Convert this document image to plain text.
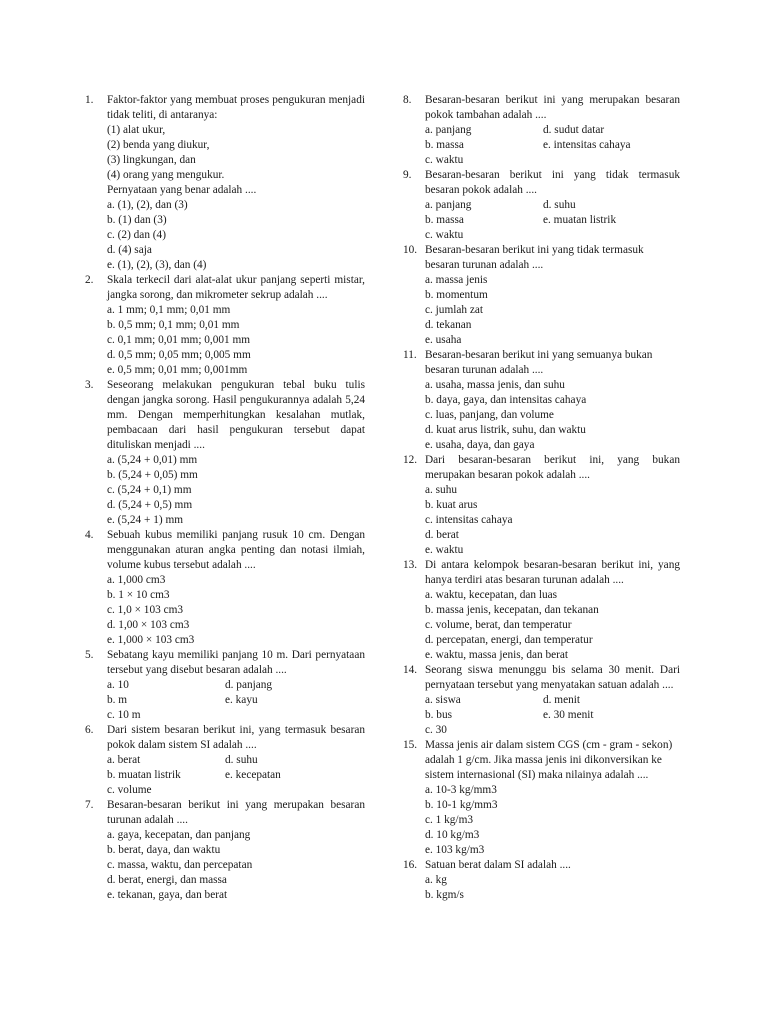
1.	Faktor-faktor yang membuat proses pengukuran menjadi tidak teliti, di antaranya:
(1) alat ukur,
(2) benda yang diukur,
(3) lingkungan, dan
(4) orang yang mengukur.
Pernyataan yang benar adalah ....
a. (1), (2), dan (3)
b. (1) dan (3)
c. (2) dan (4)
d. (4) saja
e. (1), (2), (3), dan (4)
2.	Skala terkecil dari alat-alat ukur panjang seperti mistar, jangka sorong, dan mikrometer sekrup adalah ....
a. 1 mm; 0,1 mm; 0,01 mm
b. 0,5 mm; 0,1 mm; 0,01 mm
c. 0,1 mm; 0,01 mm; 0,001 mm
d. 0,5 mm; 0,05 mm; 0,005 mm
e. 0,5 mm; 0,01 mm; 0,001mm
3.	Seseorang melakukan pengukuran tebal buku tulis dengan jangka sorong. Hasil pengukurannya adalah 5,24 mm. Dengan memperhitungkan kesalahan mutlak, pembacaan dari hasil pengukuran tersebut dapat dituliskan menjadi ....
a. (5,24 + 0,01) mm
b. (5,24 + 0,05) mm
c. (5,24 + 0,1) mm
d. (5,24 + 0,5) mm
e. (5,24 + 1) mm
4.	Sebuah kubus memiliki panjang rusuk 10 cm. Dengan menggunakan aturan angka penting dan notasi ilmiah, volume kubus tersebut adalah ....
a. 1,000 cm3
b. 1 × 10 cm3
c. 1,0 × 103 cm3
d. 1,00 × 103 cm3
e. 1,000 × 103 cm3
5.	Sebatang kayu memiliki panjang 10 m. Dari pernyataan tersebut yang disebut besaran adalah ....
a. 10	d. panjang
b. m	e. kayu
c. 10 m
6.	Dari sistem besaran berikut ini, yang termasuk besaran pokok dalam sistem SI adalah ....
a. berat	d. suhu
b. muatan listrik	e. kecepatan
c. volume
7.	Besaran-besaran berikut ini yang merupakan besaran turunan adalah ....
a. gaya, kecepatan, dan panjang
b. berat, daya, dan waktu
c. massa, waktu, dan percepatan
d. berat, energi, dan massa
e. tekanan, gaya, dan berat
8.	Besaran-besaran berikut ini yang merupakan besaran pokok tambahan adalah ....
a. panjang	d. sudut datar
b. massa	e. intensitas cahaya
c. waktu
9.	Besaran-besaran berikut ini yang tidak termasuk besaran pokok adalah ....
a. panjang	d. suhu
b. massa	e. muatan listrik
c. waktu
10. Besaran-besaran berikut ini yang tidak termasuk besaran turunan adalah ....
a. massa jenis
b. momentum
c. jumlah zat
d. tekanan
e. usaha
11. Besaran-besaran berikut ini yang semuanya bukan besaran turunan adalah ....
a. usaha, massa jenis, dan suhu
b. daya, gaya, dan intensitas cahaya
c. luas, panjang, dan volume
d. kuat arus listrik, suhu, dan waktu
e. usaha, daya, dan gaya
12. Dari besaran-besaran berikut ini, yang bukan merupakan besaran pokok adalah ....
a. suhu
b. kuat arus
c. intensitas cahaya
d. berat
e. waktu
13. Di antara kelompok besaran-besaran berikut ini, yang hanya terdiri atas besaran turunan adalah ....
a. waktu, kecepatan, dan luas
b. massa jenis, kecepatan, dan tekanan
c. volume, berat, dan temperatur
d. percepatan, energi, dan temperatur
e. waktu, massa jenis, dan berat
14. Seorang siswa menunggu bis selama 30 menit. Dari pernyataan tersebut yang menyatakan satuan adalah ....
a. siswa	d. menit
b. bus	e. 30 menit
c. 30
15. Massa jenis air dalam sistem CGS (cm - gram - sekon) adalah 1 g/cm. Jika massa jenis ini dikonversikan ke sistem internasional (SI) maka nilainya adalah ....
a. 10-3 kg/mm3
b. 10-1 kg/mm3
c. 1 kg/m3
d. 10 kg/m3
e. 103 kg/m3
16. Satuan berat dalam SI adalah ....
a. kg
b. kgm/s
